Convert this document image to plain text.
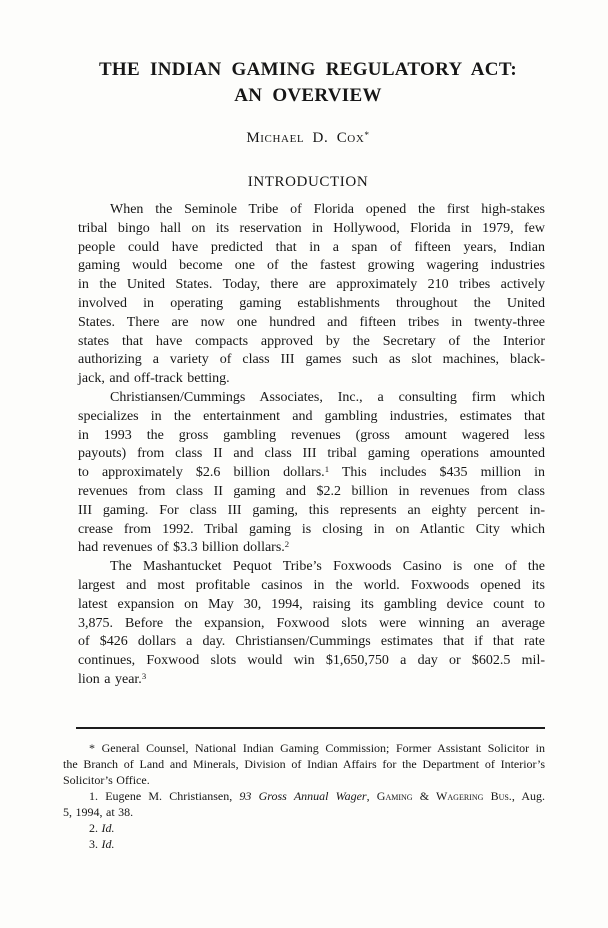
THE INDIAN GAMING REGULATORY ACT:
AN OVERVIEW
Michael D. Cox*
INTRODUCTION
When the Seminole Tribe of Florida opened the first high-stakes
tribal bingo hall on its reservation in Hollywood, Florida in 1979, few
people could have predicted that in a span of fifteen years, Indian
gaming would become one of the fastest growing wagering industries
in the United States. Today, there are approximately 210 tribes actively
involved in operating gaming establishments throughout the United
States. There are now one hundred and fifteen tribes in twenty-three
states that have compacts approved by the Secretary of the Interior
authorizing a variety of class III games such as slot machines, black-
jack, and off-track betting.
Christiansen/Cummings Associates, Inc., a consulting firm which
specializes in the entertainment and gambling industries, estimates that
in 1993 the gross gambling revenues (gross amount wagered less
payouts) from class II and class III tribal gaming operations amounted
to approximately $2.6 billion dollars.$^1$ This includes $435 million in
revenues from class II gaming and $2.2 billion in revenues from class
III gaming. For class III gaming, this represents an eighty percent in-
crease from 1992. Tribal gaming is closing in on Atlantic City which
had revenues of $3.3 billion dollars.$^2$
The Mashantucket Pequot Tribe’s Foxwoods Casino is one of the
largest and most profitable casinos in the world. Foxwoods opened its
latest expansion on May 30, 1994, raising its gambling device count to
3,875. Before the expansion, Foxwood slots were winning an average
of $426 dollars a day. Christiansen/Cummings estimates that if that rate
continues, Foxwood slots would win $1,650,750 a day or $602.5 mil-
lion a year.$^3$
* General Counsel, National Indian Gaming Commission; Former Assistant Solicitor in
the Branch of Land and Minerals, Division of Indian Affairs for the Department of Interior’s
Solicitor’s Office.
1. Eugene M. Christiansen, 93 Gross Annual Wager, Gaming & Wagering Bus., Aug.
5, 1994, at 38.
2. Id.
3. Id.
